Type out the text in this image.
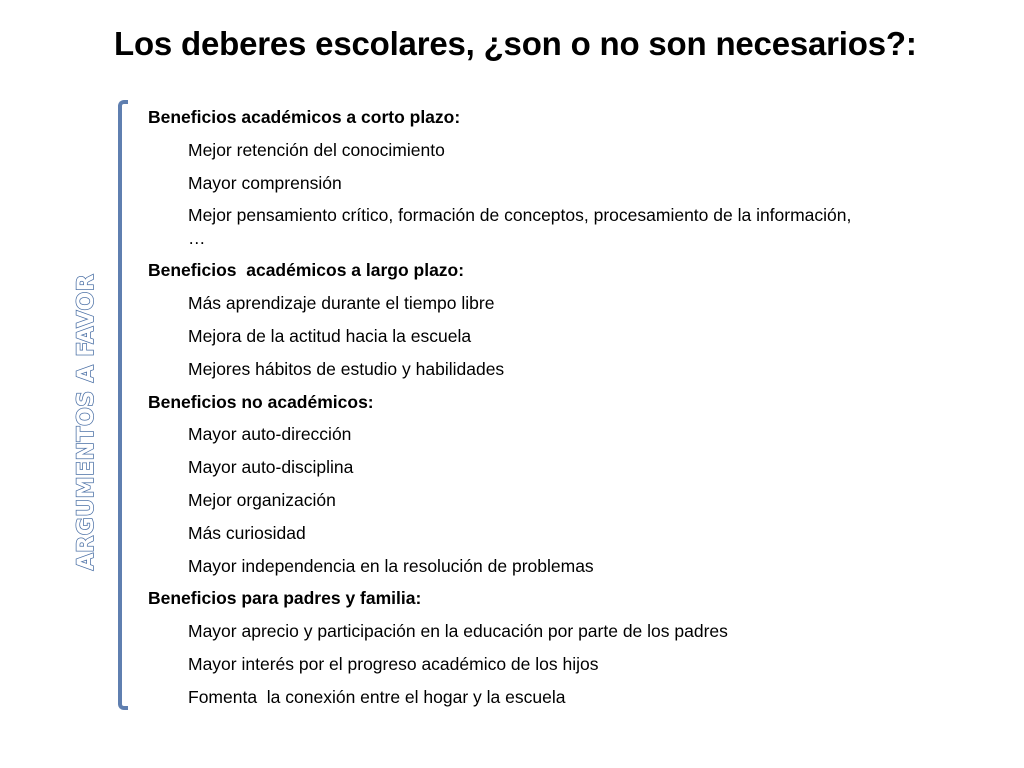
Los deberes escolares, ¿son o no son necesarios?:
ARGUMENTOS A FAVOR
Beneficios académicos a corto plazo:
Mejor retención del conocimiento
Mayor comprensión
Mejor pensamiento crítico, formación de conceptos, procesamiento de la información, …
Beneficios  académicos a largo plazo:
Más aprendizaje durante el tiempo libre
Mejora de la actitud hacia la escuela
Mejores hábitos de estudio y habilidades
Beneficios no académicos:
Mayor auto-dirección
Mayor auto-disciplina
Mejor organización
Más curiosidad
Mayor independencia en la resolución de problemas
Beneficios para padres y familia:
Mayor aprecio y participación en la educación por parte de los padres
Mayor interés por el progreso académico de los hijos
Fomenta  la conexión entre el hogar y la escuela
